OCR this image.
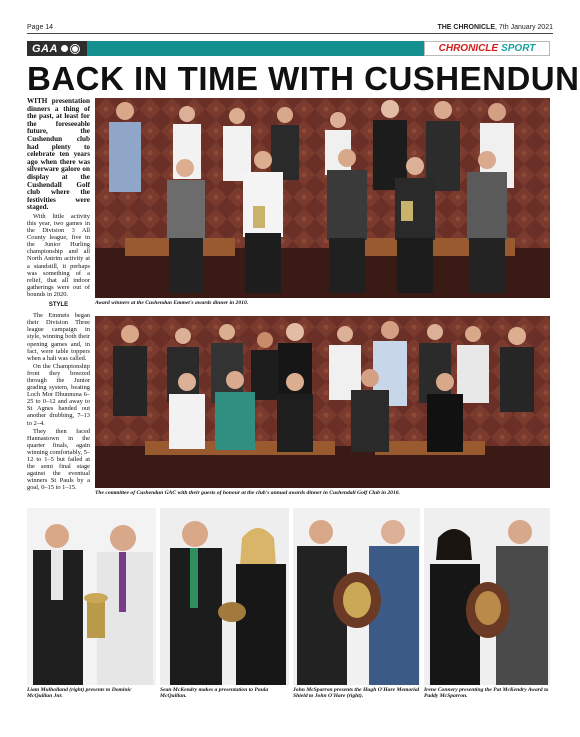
Page 14	THE CHRONICLE, 7th January 2021
GAA	CHRONICLE SPORT
BACK IN TIME WITH CUSHENDUN

WITH presentation dinners a thing of the past, at least for the foreseeable future, the Cushendun club had plenty to celebrate ten years ago when there was silverware galore on display at the Cushendall Golf club where the festivities were staged.

With little activity this year, two games in the Division 3 All County league, five in the Junior Hurling championship and all North Antrim activity at a standstill, it perhaps was something of a relief, that all indoor gatherings were out of bounds in 2020.

STYLE

The Emmets began their Division Three league campaign in style, winning both their opening games and, in fact, were table toppers when a halt was called.

On the Championship front they breezed through the Junior grading system, beating Loch Mor Dhunnuna 6–25 to 0–12 and away to St Agnes handed out another drubbing, 7–13 to 2–4.

They then faced Hannastown in the quarter finals, again winning comfortably, 5–12 to 1–5 but failed at the semi final stage against the eventual winners St Pauls by a goal, 0–15 to 1–15.

Award winners at the Cushendun Emmet's awards dinner in 2010.
The committee of Cushendun GAC with their guests of honour at the club's annual awards dinner in Cushendall Golf Club in 2010.
Liam Mulholland (right) presents to Dominic McQuillan Jnr.
Sean McKendry makes a presentation to Paula McQuillan.
John McSparron presents the Hugh O'Hare Memorial Shield to John O'Hare (right).
Irene Connery presenting the Pat McKendry Award to Paddy McSparron.
